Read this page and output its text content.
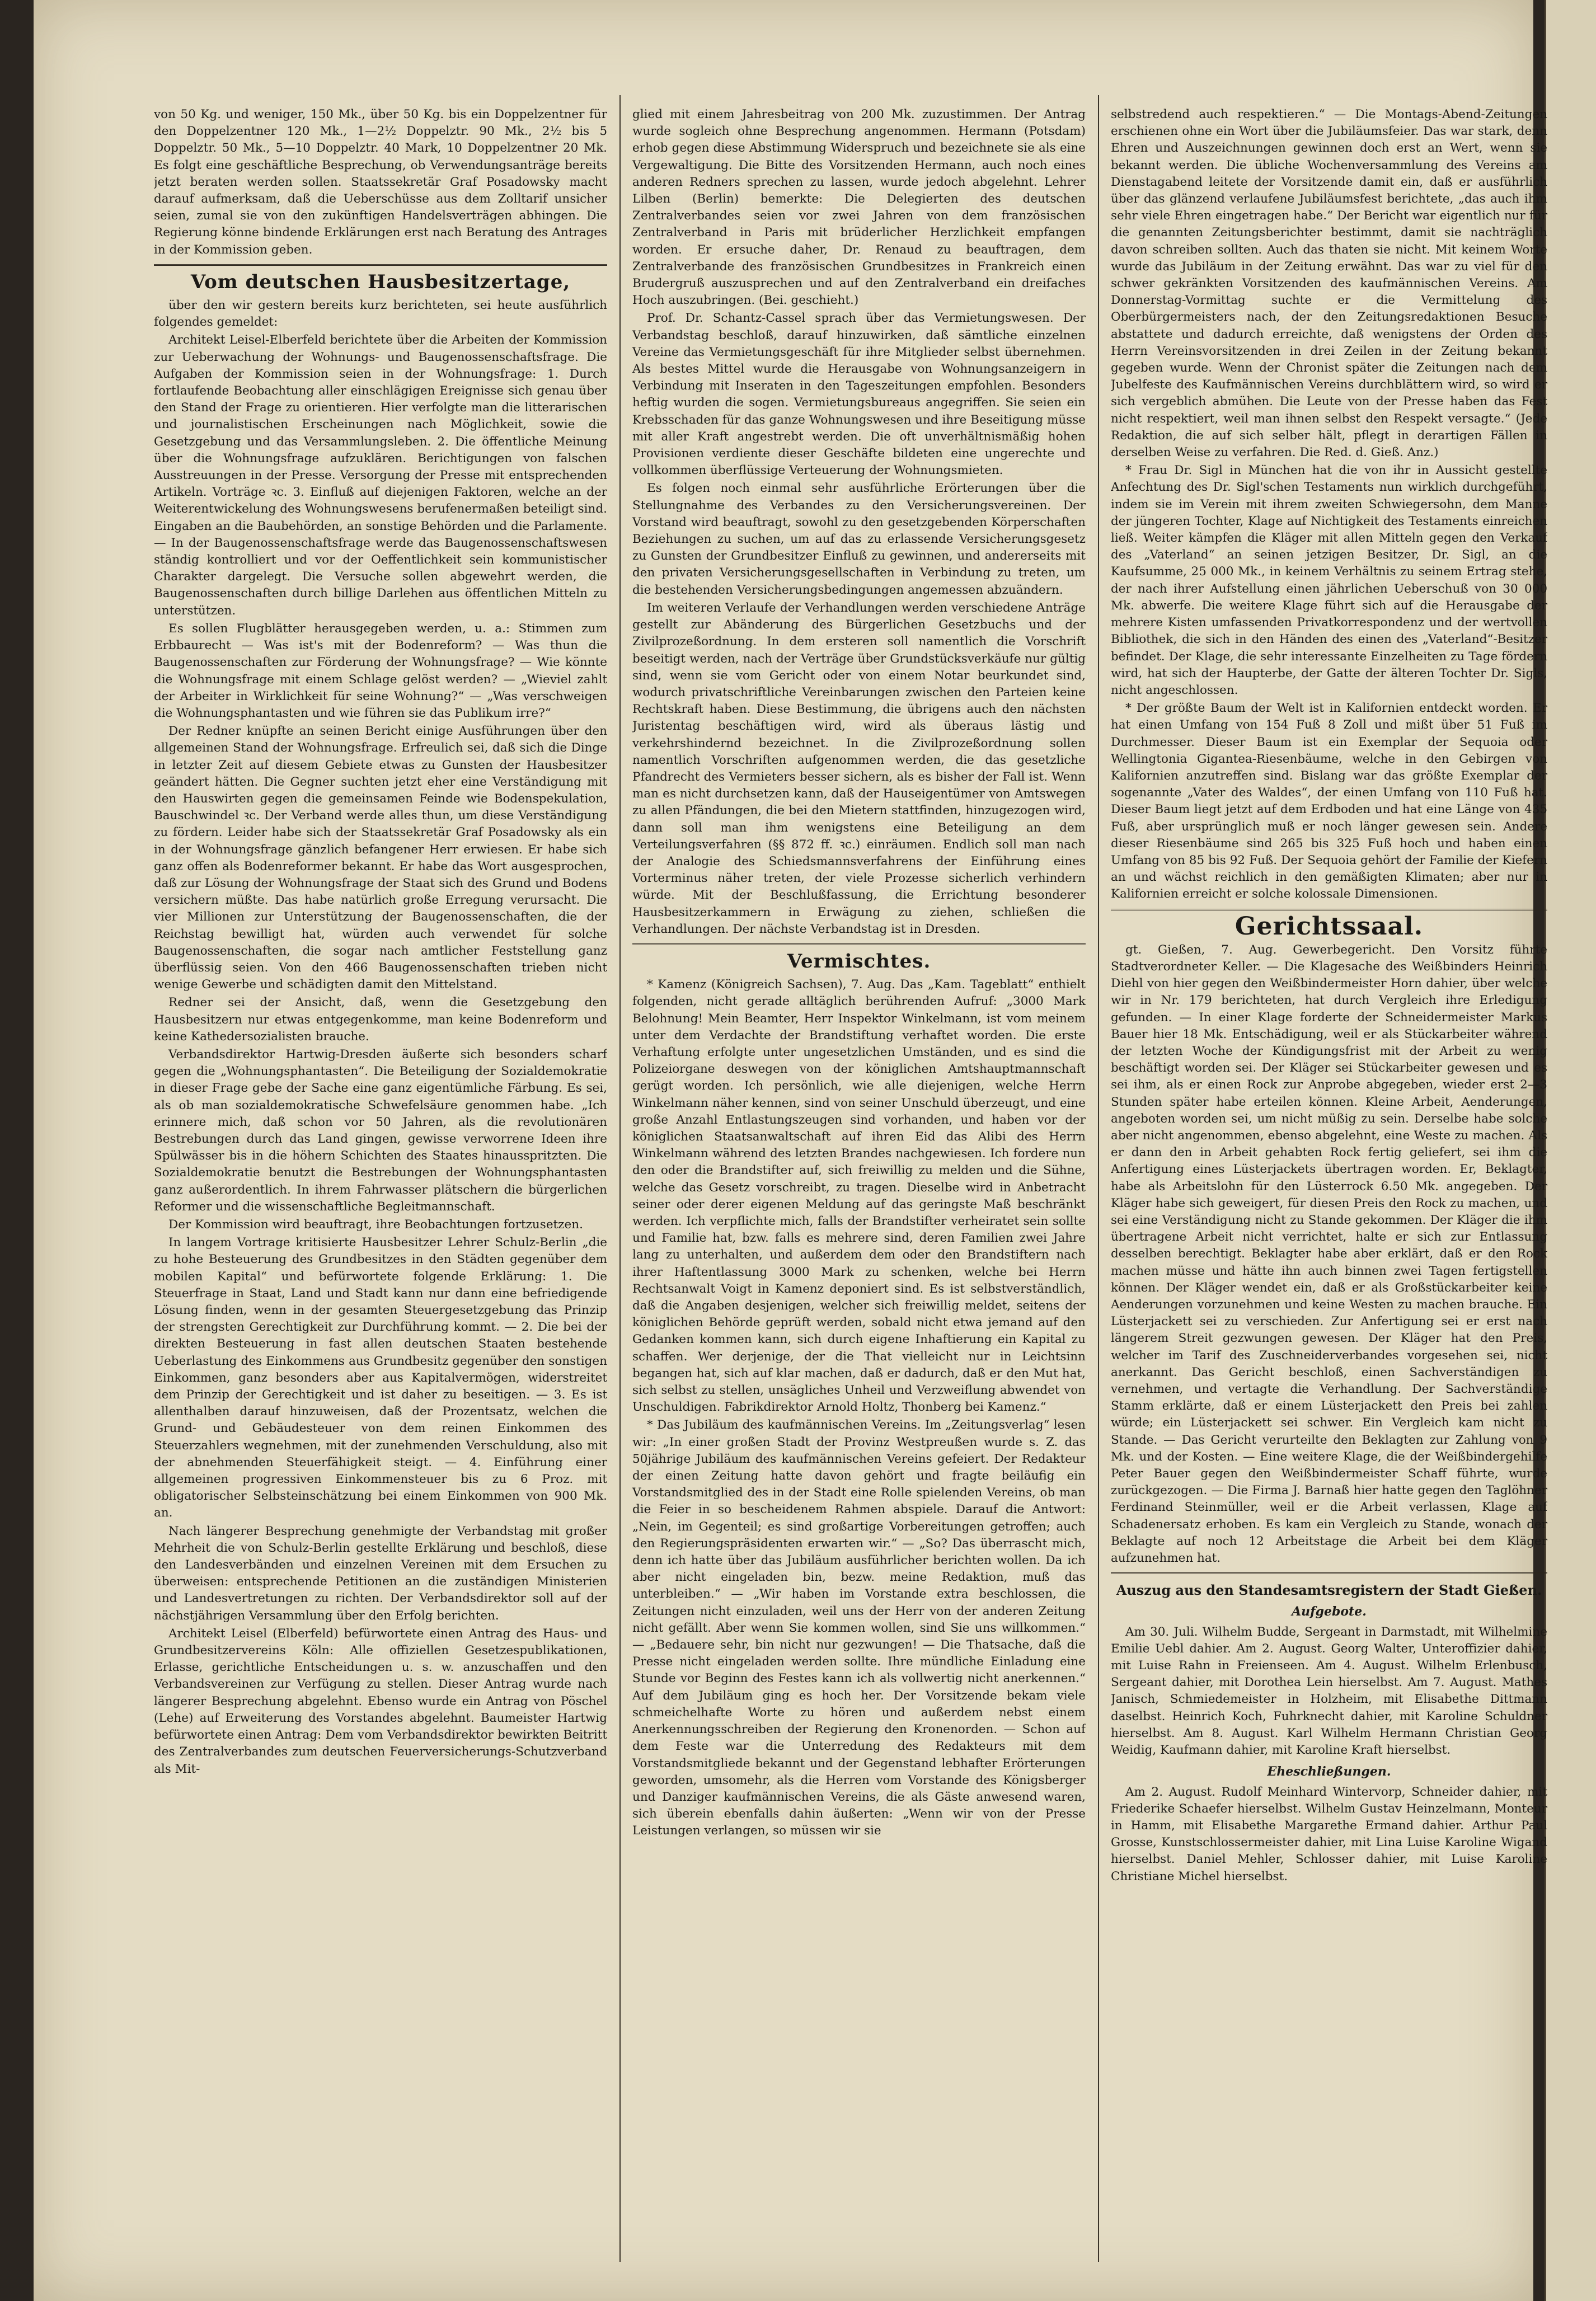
von 50 Kg. und weniger, 150 Mk., über 50 Kg. bis ein Doppelzentner für den Doppelzentner 120 Mk., 1—2½ Doppelztr. 90 Mk., 2½ bis 5 Doppelztr. 50 Mk., 5—10 Doppelztr. 40 Mark, 10 Doppelzentner 20 Mk. Es folgt eine geschäftliche Besprechung, ob Verwendungsanträge bereits jetzt beraten werden sollen. Staatssekretär Graf Posadowsky macht darauf aufmerksam, daß die Ueberschüsse aus dem Zolltarif unsicher seien, zumal sie von den zukünftigen Handelsverträgen abhingen. Die Regierung könne bindende Erklärungen erst nach Beratung des Antrages in der Kommission geben.

Vom deutschen Hausbesitzertage,

über den wir gestern bereits kurz berichteten, sei heute ausführlich folgendes gemeldet:

Architekt Leisel-Elberfeld berichtete über die Arbeiten der Kommission zur Ueberwachung der Wohnungs- und Baugenossenschaftsfrage. Die Aufgaben der Kommission seien in der Wohnungsfrage: 1. Durch fortlaufende Beobachtung aller einschlägigen Ereignisse sich genau über den Stand der Frage zu orientieren. Hier verfolgte man die litterarischen und journalistischen Erscheinungen nach Möglichkeit, sowie die Gesetzgebung und das Versammlungsleben. 2. Die öffentliche Meinung über die Wohnungsfrage aufzuklären. Berichtigungen von falschen Ausstreuungen in der Presse. Versorgung der Presse mit entsprechenden Artikeln. Vorträge ꝛc. 3. Einfluß auf diejenigen Faktoren, welche an der Weiterentwickelung des Wohnungswesens berufenermaßen beteiligt sind. Eingaben an die Baubehörden, an sonstige Behörden und die Parlamente. — In der Baugenossenschaftsfrage werde das Baugenossenschaftswesen ständig kontrolliert und vor der Oeffentlichkeit sein kommunistischer Charakter dargelegt. Die Versuche sollen abgewehrt werden, die Baugenossenschaften durch billige Darlehen aus öffentlichen Mitteln zu unterstützen.

Es sollen Flugblätter herausgegeben werden, u. a.: Stimmen zum Erbbaurecht — Was ist's mit der Bodenreform? — Was thun die Baugenossenschaften zur Förderung der Wohnungsfrage? — Wie könnte die Wohnungsfrage mit einem Schlage gelöst werden? — „Wieviel zahlt der Arbeiter in Wirklichkeit für seine Wohnung?“ — „Was verschweigen die Wohnungsphantasten und wie führen sie das Publikum irre?“

Der Redner knüpfte an seinen Bericht einige Ausführungen über den allgemeinen Stand der Wohnungsfrage. Erfreulich sei, daß sich die Dinge in letzter Zeit auf diesem Gebiete etwas zu Gunsten der Hausbesitzer geändert hätten. Die Gegner suchten jetzt eher eine Verständigung mit den Hauswirten gegen die gemeinsamen Feinde wie Bodenspekulation, Bauschwindel ꝛc. Der Verband werde alles thun, um diese Verständigung zu fördern. Leider habe sich der Staatssekretär Graf Posadowsky als ein in der Wohnungsfrage gänzlich befangener Herr erwiesen. Er habe sich ganz offen als Bodenreformer bekannt. Er habe das Wort ausgesprochen, daß zur Lösung der Wohnungsfrage der Staat sich des Grund und Bodens versichern müßte. Das habe natürlich große Erregung verursacht. Die vier Millionen zur Unterstützung der Baugenossenschaften, die der Reichstag bewilligt hat, würden auch verwendet für solche Baugenossenschaften, die sogar nach amtlicher Feststellung ganz überflüssig seien. Von den 466 Baugenossenschaften trieben nicht wenige Gewerbe und schädigten damit den Mittelstand.

Redner sei der Ansicht, daß, wenn die Gesetzgebung den Hausbesitzern nur etwas entgegenkomme, man keine Bodenreform und keine Kathedersozialisten brauche.

Verbandsdirektor Hartwig-Dresden äußerte sich besonders scharf gegen die „Wohnungsphantasten“. Die Beteiligung der Sozialdemokratie in dieser Frage gebe der Sache eine ganz eigentümliche Färbung. Es sei, als ob man sozialdemokratische Schwefelsäure genommen habe. „Ich erinnere mich, daß schon vor 50 Jahren, als die revolutionären Bestrebungen durch das Land gingen, gewisse verworrene Ideen ihre Spülwässer bis in die höhern Schichten des Staates hinausspritzten. Die Sozialdemokratie benutzt die Bestrebungen der Wohnungsphantasten ganz außerordentlich. In ihrem Fahrwasser plätschern die bürgerlichen Reformer und die wissenschaftliche Begleitmannschaft.

Der Kommission wird beauftragt, ihre Beobachtungen fortzusetzen.

In langem Vortrage kritisierte Hausbesitzer Lehrer Schulz-Berlin „die zu hohe Besteuerung des Grundbesitzes in den Städten gegenüber dem mobilen Kapital“ und befürwortete folgende Erklärung: 1. Die Steuerfrage in Staat, Land und Stadt kann nur dann eine befriedigende Lösung finden, wenn in der gesamten Steuergesetzgebung das Prinzip der strengsten Gerechtigkeit zur Durchführung kommt. — 2. Die bei der direkten Besteuerung in fast allen deutschen Staaten bestehende Ueberlastung des Einkommens aus Grundbesitz gegenüber den sonstigen Einkommen, ganz besonders aber aus Kapitalvermögen, widerstreitet dem Prinzip der Gerechtigkeit und ist daher zu beseitigen. — 3. Es ist allenthalben darauf hinzuweisen, daß der Prozentsatz, welchen die Grund- und Gebäudesteuer von dem reinen Einkommen des Steuerzahlers wegnehmen, mit der zunehmenden Verschuldung, also mit der abnehmenden Steuerfähigkeit steigt. — 4. Einführung einer allgemeinen progressiven Einkommensteuer bis zu 6 Proz. mit obligatorischer Selbsteinschätzung bei einem Einkommen von 900 Mk. an.

Nach längerer Besprechung genehmigte der Verbandstag mit großer Mehrheit die von Schulz-Berlin gestellte Erklärung und beschloß, diese den Landesverbänden und einzelnen Vereinen mit dem Ersuchen zu überweisen: entsprechende Petitionen an die zuständigen Ministerien und Landesvertretungen zu richten. Der Verbandsdirektor soll auf der nächstjährigen Versammlung über den Erfolg berichten.

Architekt Leisel (Elberfeld) befürwortete einen Antrag des Haus- und Grundbesitzervereins Köln: Alle offiziellen Gesetzespublikationen, Erlasse, gerichtliche Entscheidungen u. s. w. anzuschaffen und den Verbandsvereinen zur Verfügung zu stellen. Dieser Antrag wurde nach längerer Besprechung abgelehnt. Ebenso wurde ein Antrag von Pöschel (Lehe) auf Erweiterung des Vorstandes abgelehnt. Baumeister Hartwig befürwortete einen Antrag: Dem vom Verbandsdirektor bewirkten Beitritt des Zentralverbandes zum deutschen Feuerversicherungs-Schutzverband als Mit-

glied mit einem Jahresbeitrag von 200 Mk. zuzustimmen. Der Antrag wurde sogleich ohne Besprechung angenommen. Hermann (Potsdam) erhob gegen diese Abstimmung Widerspruch und bezeichnete sie als eine Vergewaltigung. Die Bitte des Vorsitzenden Hermann, auch noch eines anderen Redners sprechen zu lassen, wurde jedoch abgelehnt. Lehrer Lilben (Berlin) bemerkte: Die Delegierten des deutschen Zentralverbandes seien vor zwei Jahren von dem französischen Zentralverband in Paris mit brüderlicher Herzlichkeit empfangen worden. Er ersuche daher, Dr. Renaud zu beauftragen, dem Zentralverbande des französischen Grundbesitzes in Frankreich einen Brudergruß auszusprechen und auf den Zentralverband ein dreifaches Hoch auszubringen. (Bei. geschieht.)

Prof. Dr. Schantz-Cassel sprach über das Vermietungswesen. Der Verbandstag beschloß, darauf hinzuwirken, daß sämtliche einzelnen Vereine das Vermietungsgeschäft für ihre Mitglieder selbst übernehmen. Als bestes Mittel wurde die Herausgabe von Wohnungsanzeigern in Verbindung mit Inseraten in den Tageszeitungen empfohlen. Besonders heftig wurden die sogen. Vermietungsbureaus angegriffen. Sie seien ein Krebsschaden für das ganze Wohnungswesen und ihre Beseitigung müsse mit aller Kraft angestrebt werden. Die oft unverhältnismäßig hohen Provisionen verdiente dieser Geschäfte bildeten eine ungerechte und vollkommen überflüssige Verteuerung der Wohnungsmieten.

Es folgen noch einmal sehr ausführliche Erörterungen über die Stellungnahme des Verbandes zu den Versicherungsvereinen. Der Vorstand wird beauftragt, sowohl zu den gesetzgebenden Körperschaften Beziehungen zu suchen, um auf das zu erlassende Versicherungsgesetz zu Gunsten der Grundbesitzer Einfluß zu gewinnen, und andererseits mit den privaten Versicherungsgesellschaften in Verbindung zu treten, um die bestehenden Versicherungsbedingungen angemessen abzuändern.

Im weiteren Verlaufe der Verhandlungen werden verschiedene Anträge gestellt zur Abänderung des Bürgerlichen Gesetzbuchs und der Zivilprozeßordnung. In dem ersteren soll namentlich die Vorschrift beseitigt werden, nach der Verträge über Grundstücksverkäufe nur gültig sind, wenn sie vom Gericht oder von einem Notar beurkundet sind, wodurch privatschriftliche Vereinbarungen zwischen den Parteien keine Rechtskraft haben. Diese Bestimmung, die übrigens auch den nächsten Juristentag beschäftigen wird, wird als überaus lästig und verkehrshindernd bezeichnet. In die Zivilprozeßordnung sollen namentlich Vorschriften aufgenommen werden, die das gesetzliche Pfandrecht des Vermieters besser sichern, als es bisher der Fall ist. Wenn man es nicht durchsetzen kann, daß der Hauseigentümer von Amtswegen zu allen Pfändungen, die bei den Mietern stattfinden, hinzugezogen wird, dann soll man ihm wenigstens eine Beteiligung an dem Verteilungsverfahren (§§ 872 ff. ꝛc.) einräumen. Endlich soll man nach der Analogie des Schiedsmannsverfahrens der Einführung eines Vorterminus näher treten, der viele Prozesse sicherlich verhindern würde. Mit der Beschlußfassung, die Errichtung besonderer Hausbesitzerkammern in Erwägung zu ziehen, schließen die Verhandlungen. Der nächste Verbandstag ist in Dresden.

Vermischtes.

* Kamenz (Königreich Sachsen), 7. Aug. Das „Kam. Tageblatt“ enthielt folgenden, nicht gerade alltäglich berührenden Aufruf: „3000 Mark Belohnung! Mein Beamter, Herr Inspektor Winkelmann, ist vom meinem unter dem Verdachte der Brandstiftung verhaftet worden. Die erste Verhaftung erfolgte unter ungesetzlichen Umständen, und es sind die Polizeiorgane deswegen von der königlichen Amtshauptmannschaft gerügt worden. Ich persönlich, wie alle diejenigen, welche Herrn Winkelmann näher kennen, sind von seiner Unschuld überzeugt, und eine große Anzahl Entlastungszeugen sind vorhanden, und haben vor der königlichen Staatsanwaltschaft auf ihren Eid das Alibi des Herrn Winkelmann während des letzten Brandes nachgewiesen. Ich fordere nun den oder die Brandstifter auf, sich freiwillig zu melden und die Sühne, welche das Gesetz vorschreibt, zu tragen. Dieselbe wird in Anbetracht seiner oder derer eigenen Meldung auf das geringste Maß beschränkt werden. Ich verpflichte mich, falls der Brandstifter verheiratet sein sollte und Familie hat, bzw. falls es mehrere sind, deren Familien zwei Jahre lang zu unterhalten, und außerdem dem oder den Brandstiftern nach ihrer Haftentlassung 3000 Mark zu schenken, welche bei Herrn Rechtsanwalt Voigt in Kamenz deponiert sind. Es ist selbstverständlich, daß die Angaben desjenigen, welcher sich freiwillig meldet, seitens der königlichen Behörde geprüft werden, sobald nicht etwa jemand auf den Gedanken kommen kann, sich durch eigene Inhaftierung ein Kapital zu schaffen. Wer derjenige, der die That vielleicht nur in Leichtsinn begangen hat, sich auf klar machen, daß er dadurch, daß er den Mut hat, sich selbst zu stellen, unsägliches Unheil und Verzweiflung abwendet von Unschuldigen. Fabrikdirektor Arnold Holtz, Thonberg bei Kamenz.“

* Das Jubiläum des kaufmännischen Vereins. Im „Zeitungsverlag“ lesen wir: „In einer großen Stadt der Provinz Westpreußen wurde s. Z. das 50jährige Jubiläum des kaufmännischen Vereins gefeiert. Der Redakteur der einen Zeitung hatte davon gehört und fragte beiläufig ein Vorstandsmitglied des in der Stadt eine Rolle spielenden Vereins, ob man die Feier in so bescheidenem Rahmen abspiele. Darauf die Antwort: „Nein, im Gegenteil; es sind großartige Vorbereitungen getroffen; auch den Regierungspräsidenten erwarten wir.“ — „So? Das überrascht mich, denn ich hatte über das Jubiläum ausführlicher berichten wollen. Da ich aber nicht eingeladen bin, bezw. meine Redaktion, muß das unterbleiben.“ — „Wir haben im Vorstande extra beschlossen, die Zeitungen nicht einzuladen, weil uns der Herr von der anderen Zeitung nicht gefällt. Aber wenn Sie kommen wollen, sind Sie uns willkommen.“ — „Bedauere sehr, bin nicht nur gezwungen! — Die Thatsache, daß die Presse nicht eingeladen werden sollte. Ihre mündliche Einladung eine Stunde vor Beginn des Festes kann ich als vollwertig nicht anerkennen.“ Auf dem Jubiläum ging es hoch her. Der Vorsitzende bekam viele schmeichelhafte Worte zu hören und außerdem nebst einem Anerkennungsschreiben der Regierung den Kronenorden. — Schon auf dem Feste war die Unterredung des Redakteurs mit dem Vorstandsmitgliede bekannt und der Gegenstand lebhafter Erörterungen geworden, umsomehr, als die Herren vom Vorstande des Königsberger und Danziger kaufmännischen Vereins, die als Gäste anwesend waren, sich überein ebenfalls dahin äußerten: „Wenn wir von der Presse Leistungen verlangen, so müssen wir sie

selbstredend auch respektieren.“ — Die Montags-Abend-Zeitungen erschienen ohne ein Wort über die Jubiläumsfeier. Das war stark, denn Ehren und Auszeichnungen gewinnen doch erst an Wert, wenn sie bekannt werden. Die übliche Wochenversammlung des Vereins am Dienstagabend leitete der Vorsitzende damit ein, daß er ausführlich über das glänzend verlaufene Jubiläumsfest berichtete, „das auch ihm sehr viele Ehren eingetragen habe.“ Der Bericht war eigentlich nur für die genannten Zeitungsberichter bestimmt, damit sie nachträglich davon schreiben sollten. Auch das thaten sie nicht. Mit keinem Worte wurde das Jubiläum in der Zeitung erwähnt. Das war zu viel für den schwer gekränkten Vorsitzenden des kaufmännischen Vereins. Am Donnerstag-Vormittag suchte er die Vermittelung des Oberbürgermeisters nach, der den Zeitungsredaktionen Besuche abstattete und dadurch erreichte, daß wenigstens der Orden des Herrn Vereinsvorsitzenden in drei Zeilen in der Zeitung bekannt gegeben wurde. Wenn der Chronist später die Zeitungen nach dem Jubelfeste des Kaufmännischen Vereins durchblättern wird, so wird er sich vergeblich abmühen. Die Leute von der Presse haben das Fest nicht respektiert, weil man ihnen selbst den Respekt versagte.“ (Jede Redaktion, die auf sich selber hält, pflegt in derartigen Fällen in derselben Weise zu verfahren. Die Red. d. Gieß. Anz.)

* Frau Dr. Sigl in München hat die von ihr in Aussicht gestellte Anfechtung des Dr. Sigl'schen Testaments nun wirklich durchgeführt, indem sie im Verein mit ihrem zweiten Schwiegersohn, dem Manne der jüngeren Tochter, Klage auf Nichtigkeit des Testaments einreichen ließ. Weiter kämpfen die Kläger mit allen Mitteln gegen den Verkauf des „Vaterland“ an seinen jetzigen Besitzer, Dr. Sigl, an die Kaufsumme, 25 000 Mk., in keinem Verhältnis zu seinem Ertrag stehe, der nach ihrer Aufstellung einen jährlichen Ueberschuß von 30 000 Mk. abwerfe. Die weitere Klage führt sich auf die Herausgabe der mehrere Kisten umfassenden Privatkorrespondenz und der wertvollen Bibliothek, die sich in den Händen des einen des „Vaterland“-Besitzer befindet. Der Klage, die sehr interessante Einzelheiten zu Tage fördern wird, hat sich der Haupterbe, der Gatte der älteren Tochter Dr. Sigls, nicht angeschlossen.

* Der größte Baum der Welt ist in Kalifornien entdeckt worden. Er hat einen Umfang von 154 Fuß 8 Zoll und mißt über 51 Fuß im Durchmesser. Dieser Baum ist ein Exemplar der Sequoia oder Wellingtonia Gigantea-Riesenbäume, welche in den Gebirgen von Kalifornien anzutreffen sind. Bislang war das größte Exemplar der sogenannte „Vater des Waldes“, der einen Umfang von 110 Fuß hat. Dieser Baum liegt jetzt auf dem Erdboden und hat eine Länge von 435 Fuß, aber ursprünglich muß er noch länger gewesen sein. Andere dieser Riesenbäume sind 265 bis 325 Fuß hoch und haben einen Umfang von 85 bis 92 Fuß. Der Sequoia gehört der Familie der Kiefern an und wächst reichlich in den gemäßigten Klimaten; aber nur in Kalifornien erreicht er solche kolossale Dimensionen.

Gerichtssaal.

gt. Gießen, 7. Aug. Gewerbegericht. Den Vorsitz führte Stadtverordneter Keller. — Die Klagesache des Weißbinders Heinrich Diehl von hier gegen den Weißbindermeister Horn dahier, über welche wir in Nr. 179 berichteten, hat durch Vergleich ihre Erledigung gefunden. — In einer Klage forderte der Schneidermeister Markus Bauer hier 18 Mk. Entschädigung, weil er als Stückarbeiter während der letzten Woche der Kündigungsfrist mit der Arbeit zu wenig beschäftigt worden sei. Der Kläger sei Stückarbeiter gewesen und es sei ihm, als er einen Rock zur Anprobe abgegeben, wieder erst 2—3 Stunden später habe erteilen können. Kleine Arbeit, Aenderungen, angeboten worden sei, um nicht müßig zu sein. Derselbe habe solche aber nicht angenommen, ebenso abgelehnt, eine Weste zu machen. Als er dann den in Arbeit gehabten Rock fertig geliefert, sei ihm die Anfertigung eines Lüsterjackets übertragen worden. Er, Beklagter, habe als Arbeitslohn für den Lüsterrock 6.50 Mk. angegeben. Der Kläger habe sich geweigert, für diesen Preis den Rock zu machen, und sei eine Verständigung nicht zu Stande gekommen. Der Kläger die ihm übertragene Arbeit nicht verrichtet, halte er sich zur Entlassung desselben berechtigt. Beklagter habe aber erklärt, daß er den Rock machen müsse und hätte ihn auch binnen zwei Tagen fertigstellen können. Der Kläger wendet ein, daß er als Großstückarbeiter keine Aenderungen vorzunehmen und keine Westen zu machen brauche. Ein Lüsterjackett sei zu verschieden. Zur Anfertigung sei er erst nach längerem Streit gezwungen gewesen. Der Kläger hat den Preis, welcher im Tarif des Zuschneiderverbandes vorgesehen sei, nicht anerkannt. Das Gericht beschloß, einen Sachverständigen zu vernehmen, und vertagte die Verhandlung. Der Sachverständige Stamm erklärte, daß er einem Lüsterjackett den Preis bei zahlen würde; ein Lüsterjackett sei schwer. Ein Vergleich kam nicht zu Stande. — Das Gericht verurteilte den Beklagten zur Zahlung von 9 Mk. und der Kosten. — Eine weitere Klage, die der Weißbindergehilfe Peter Bauer gegen den Weißbindermeister Schaff führte, wurde zurückgezogen. — Die Firma J. Barnaß hier hatte gegen den Taglöhner Ferdinand Steinmüller, weil er die Arbeit verlassen, Klage auf Schadenersatz erhoben. Es kam ein Vergleich zu Stande, wonach der Beklagte auf noch 12 Arbeitstage die Arbeit bei dem Kläger aufzunehmen hat.

Auszug aus den Standesamtsregistern der Stadt Gießen.
Aufgebote.

Am 30. Juli. Wilhelm Budde, Sergeant in Darmstadt, mit Wilhelmine Emilie Uebl dahier. Am 2. August. Georg Walter, Unteroffizier dahier, mit Luise Rahn in Freienseen. Am 4. August. Wilhelm Erlenbusch, Sergeant dahier, mit Dorothea Lein hierselbst. Am 7. August. Mathes Janisch, Schmiedemeister in Holzheim, mit Elisabethe Dittmann daselbst. Heinrich Koch, Fuhrknecht dahier, mit Karoline Schuldner hierselbst. Am 8. August. Karl Wilhelm Hermann Christian Georg Weidig, Kaufmann dahier, mit Karoline Kraft hierselbst.

Eheschließungen.

Am 2. August. Rudolf Meinhard Wintervorp, Schneider dahier, mit Friederike Schaefer hierselbst. Wilhelm Gustav Heinzelmann, Monteur in Hamm, mit Elisabethe Margarethe Ermand dahier. Arthur Paul Grosse, Kunstschlossermeister dahier, mit Lina Luise Karoline Wigand hierselbst. Daniel Mehler, Schlosser dahier, mit Luise Karoline Christiane Michel hierselbst.
